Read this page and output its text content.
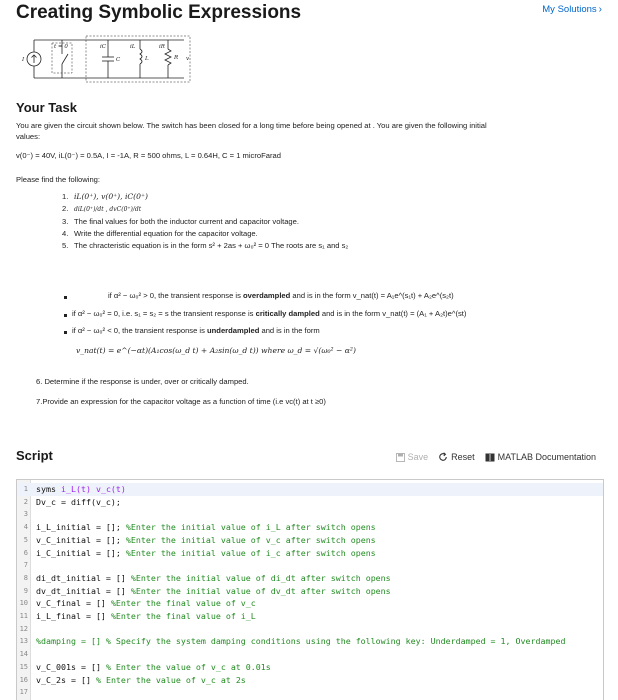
Creating Symbolic Expressions	My Solutions ›
t = 0
I	C	L	R
iC	iL	iR
v
Your Task
You are given the circuit shown below. The switch has been closed for a long time before being opened at . You are given the following initial
values:
v(0⁻) = 40V, iL(0⁻) = 0.5A, I = -1A, R = 500 ohms, L = 0.64H, C = 1 microFarad
Please find the following:
1. iL(0⁺), v(0⁺), iC(0⁺)
2. diL(0⁺)/dt , dvC(0⁺)/dt
3. The final values for both the inductor current and capacitor voltage.
4. Write the differential equation for the capacitor voltage.
5. The chracteristic equation is in the form s² + 2as + ω₀² = 0 The roots are s₁ and s₂
if α² − ω₀² > 0, the transient response is overdampled and is in the form v_nat(t) = A₁e^(s₁t) + A₂e^(s₂t)
if α² − ω₀² = 0, i.e. s₁ = s₂ = s the transient response is critically dampled and is in the form v_nat(t) = (A₁ + A₂t)e^(st)
if α² − ω₀² < 0, the transient response is underdampled and is in the form
v_nat(t) = e^(−αt)(A₁cos(ω_d t) + A₂sin(ω_d t)) where ω_d = √(ω₀² − α²)
6. Determine if the response is under, over or critically damped.
7.Provide an expression for the capacitor voltage as a function of time (i.e vc(t) at t ≥0)
Script	Save	Reset	MATLAB Documentation
1 syms i_L(t) v_c(t)
2 Dv_c = diff(v_c);
3
4 i_L_initial = []; %Enter the initial value of i_L after switch opens
5 v_C_initial = []; %Enter the initial value of v_c after switch opens
6 i_C_initial = []; %Enter the initial value of i_c after switch opens
7
8 di_dt_initial = [] %Enter the initial value of di_dt after switch opens
9 dv_dt_initial = [] %Enter the initial value of dv_dt after switch opens
10 v_C_final = [] %Enter the final value of v_c
11 i_L_final = [] %Enter the final value of i_L
12
13 %damping = [] % Specify the system damping conditions using the following key: Underdamped = 1, Overdamped
14
15 v_C_001s = [] % Enter the value of v_c at 0.01s
16 v_C_2s = [] % Enter the value of v_c at 2s
17
